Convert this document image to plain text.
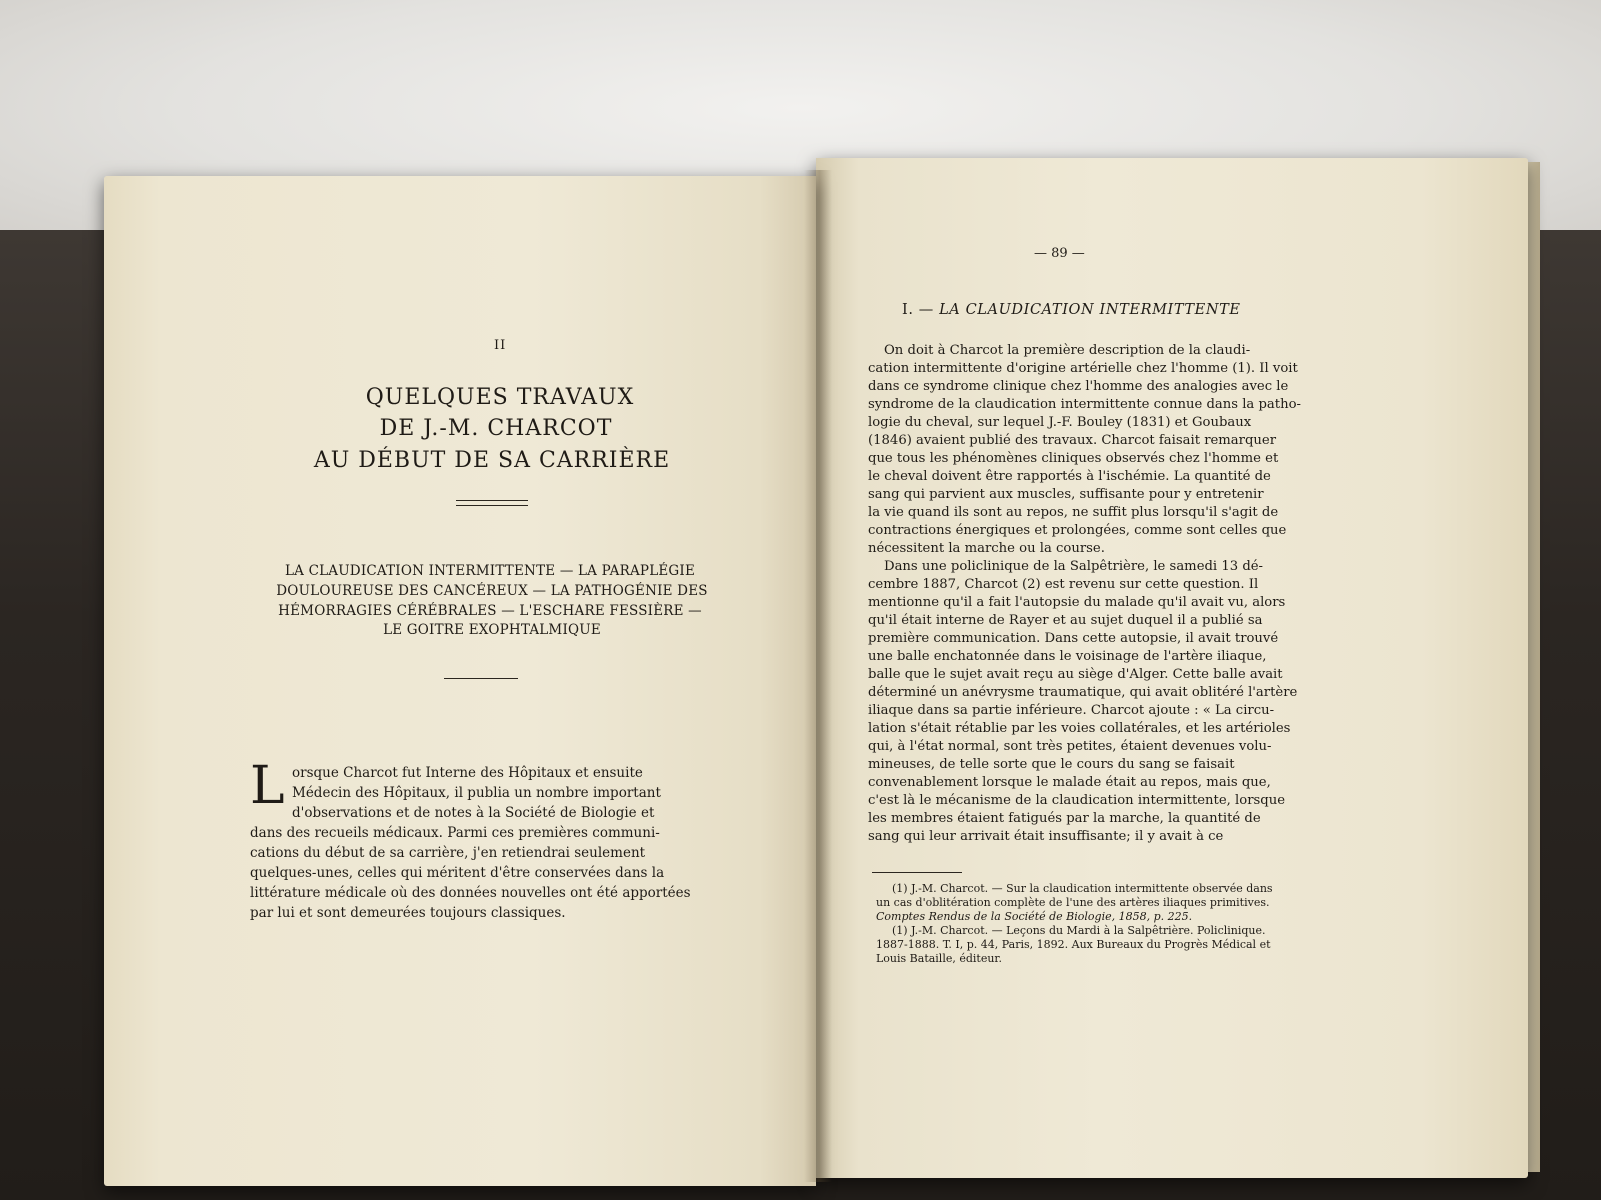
II
QUELQUES TRAVAUX
DE J.-M. CHARCOT
AU DÉBUT DE SA CARRIÈRE
LA CLAUDICATION INTERMITTENTE — LA PARAPLÉGIE
DOULOUREUSE DES CANCÉREUX — LA PATHOGÉNIE DES
HÉMORRAGIES CÉRÉBRALES — L'ESCHARE FESSIÈRE —
LE GOITRE EXOPHTALMIQUE
L orsque Charcot fut Interne des Hôpitaux et ensuite
Médecin des Hôpitaux, il publia un nombre important
d'observations et de notes à la Société de Biologie et
dans des recueils médicaux. Parmi ces premières communi-
cations du début de sa carrière, j'en retiendrai seulement
quelques-unes, celles qui méritent d'être conservées dans la
littérature médicale où des données nouvelles ont été apportées
par lui et sont demeurées toujours classiques.
— 89 —
I. — LA CLAUDICATION INTERMITTENTE
On doit à Charcot la première description de la claudi-
cation intermittente d'origine artérielle chez l'homme (1). Il voit
dans ce syndrome clinique chez l'homme des analogies avec le
syndrome de la claudication intermittente connue dans la patho-
logie du cheval, sur lequel J.-F. Bouley (1831) et Goubaux
(1846) avaient publié des travaux. Charcot faisait remarquer
que tous les phénomènes cliniques observés chez l'homme et
le cheval doivent être rapportés à l'ischémie. La quantité de
sang qui parvient aux muscles, suffisante pour y entretenir
la vie quand ils sont au repos, ne suffit plus lorsqu'il s'agit de
contractions énergiques et prolongées, comme sont celles que
nécessitent la marche ou la course.
Dans une policlinique de la Salpêtrière, le samedi 13 dé-
cembre 1887, Charcot (2) est revenu sur cette question. Il
mentionne qu'il a fait l'autopsie du malade qu'il avait vu, alors
qu'il était interne de Rayer et au sujet duquel il a publié sa
première communication. Dans cette autopsie, il avait trouvé
une balle enchatonnée dans le voisinage de l'artère iliaque,
balle que le sujet avait reçu au siège d'Alger. Cette balle avait
déterminé un anévrysme traumatique, qui avait oblitéré l'artère
iliaque dans sa partie inférieure. Charcot ajoute : « La circu-
lation s'était rétablie par les voies collatérales, et les artérioles
qui, à l'état normal, sont très petites, étaient devenues volu-
mineuses, de telle sorte que le cours du sang se faisait
convenablement lorsque le malade était au repos, mais que,
c'est là le mécanisme de la claudication intermittente, lorsque
les membres étaient fatigués par la marche, la quantité de
sang qui leur arrivait était insuffisante; il y avait à ce
(1) J.-M. Charcot. — Sur la claudication intermittente observée dans
un cas d'oblitération complète de l'une des artères iliaques primitives.
Comptes Rendus de la Société de Biologie, 1858, p. 225.
(1) J.-M. Charcot. — Leçons du Mardi à la Salpêtrière. Policlinique.
1887-1888. T. I, p. 44, Paris, 1892. Aux Bureaux du Progrès Médical et
Louis Bataille, éditeur.
